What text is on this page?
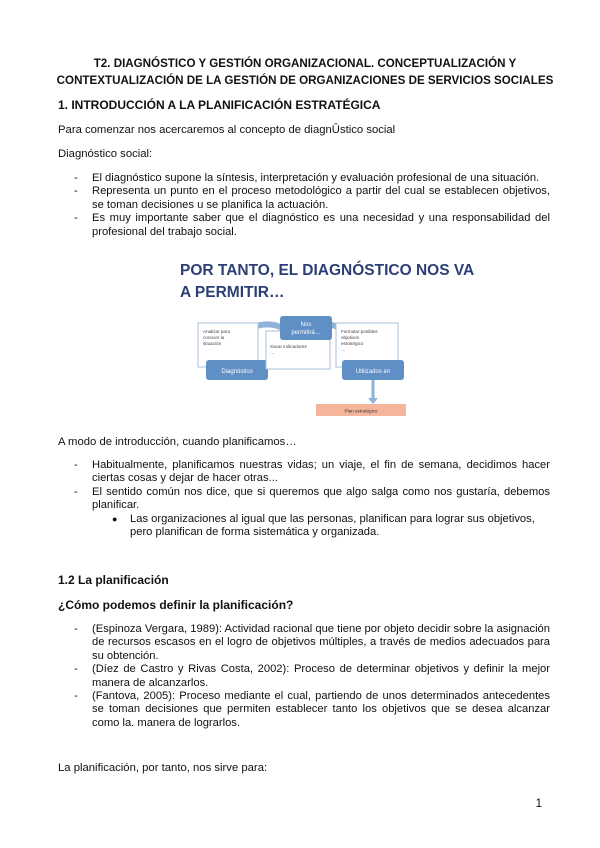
T2. DIAGNÓSTICO Y GESTIÓN ORGANIZACIONAL. CONCEPTUALIZACIÓN Y
CONTEXTUALIZACIÓN DE LA GESTIÓN DE ORGANIZACIONES DE SERVICIOS SOCIALES
1. INTRODUCCIÓN A LA PLANIFICACIÓN ESTRATÉGICA
Para comenzar nos acercaremos al concepto de diagnÛstico social
Diagnóstico social:
- El diagnóstico supone la síntesis, interpretación y evaluación profesional de una situación.
- Representa un punto en el proceso metodológico a partir del cual se establecen objetivos, se toman decisiones u se planifica la actuación.
- Es muy importante saber que el diagnóstico es una necesidad y una responsabilidad del profesional del trabajo social.
POR TANTO, EL DIAGNÓSTICO NOS VA
A PERMITIR…
Analizar para
conocer la
situación
Diagnóstico
Nos
permitirá…
Sacar indicadores
…
Formular posibles
objetivos
estratégico
…
Utilizados en
Plan estratégico
A modo de introducción, cuando planificamos…
- Habitualmente, planificamos nuestras vidas; un viaje, el fin de semana, decidimos hacer ciertas cosas y dejar de hacer otras...
- El sentido común nos dice, que si queremos que algo salga como nos gustaría, debemos planificar.
● Las organizaciones al igual que las personas, planifican para lograr sus objetivos, pero planifican de forma sistemática y organizada.
1.2 La planificación
¿Cómo podemos definir la planificación?
- (Espinoza Vergara, 1989): Actividad racional que tiene por objeto decidir sobre la asignación de recursos escasos en el logro de objetivos múltiples, a través de medios adecuados para su obtención.
- (Díez de Castro y Rivas Costa, 2002): Proceso de determinar objetivos y definir la mejor manera de alcanzarlos.
- (Fantova, 2005): Proceso mediante el cual, partiendo de unos determinados antecedentes se toman decisiones que permiten establecer tanto los objetivos que se desea alcanzar como la. manera de lograrlos.
La planificación, por tanto, nos sirve para:
1
